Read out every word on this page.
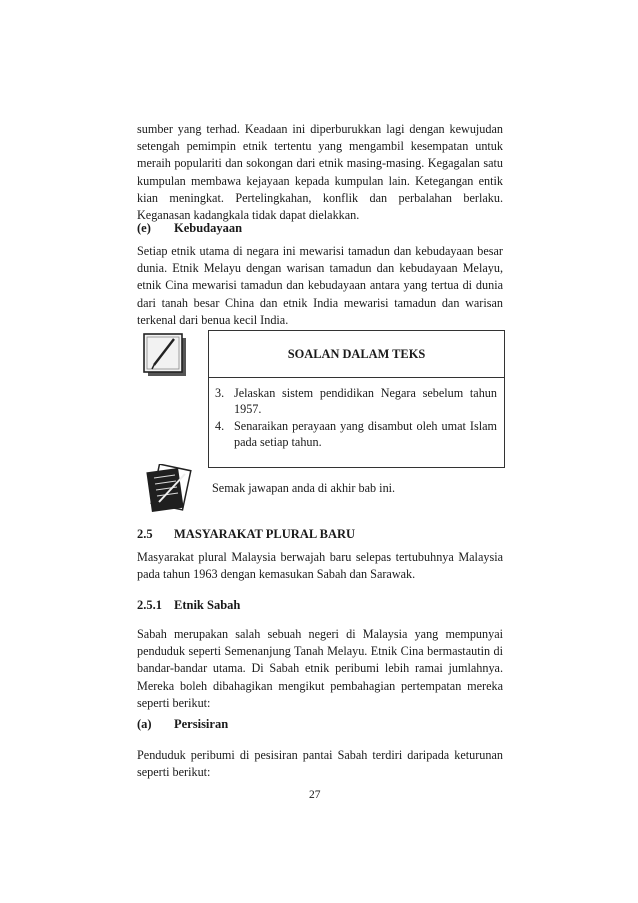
sumber yang terhad. Keadaan ini diperburukkan lagi dengan kewujudan setengah pemimpin etnik tertentu yang mengambil kesempatan untuk meraih populariti dan sokongan dari etnik masing-masing. Kegagalan satu kumpulan membawa kejayaan kepada kumpulan lain. Ketegangan entik kian meningkat. Pertelingkahan, konflik dan perbalahan berlaku. Keganasan kadangkala tidak dapat dielakkan.

(e) Kebudayaan

Setiap etnik utama di negara ini mewarisi tamadun dan kebudayaan besar dunia. Etnik Melayu dengan warisan tamadun dan kebudayaan Melayu, etnik Cina mewarisi tamadun dan kebudayaan antara yang tertua di dunia dari tanah besar China dan etnik India mewarisi tamadun dan warisan terkenal dari benua kecil India.

SOALAN DALAM TEKS
3. Jelaskan sistem pendidikan Negara sebelum tahun 1957.
4. Senaraikan perayaan yang disambut oleh umat Islam pada setiap tahun.
Semak jawapan anda di akhir bab ini.
2.5 MASYARAKAT PLURAL BARU

Masyarakat plural Malaysia berwajah baru selepas tertubuhnya Malaysia pada tahun 1963 dengan kemasukan Sabah dan Sarawak.

2.5.1 Etnik Sabah

Sabah merupakan salah sebuah negeri di Malaysia yang mempunyai penduduk seperti Semenanjung Tanah Melayu. Etnik Cina bermastautin di bandar-bandar utama. Di Sabah etnik peribumi lebih ramai jumlahnya. Mereka boleh dibahagikan mengikut pembahagian pertempatan mereka seperti berikut:

(a) Persisiran

Penduduk peribumi di pesisiran pantai Sabah terdiri daripada keturunan seperti berikut:

27
